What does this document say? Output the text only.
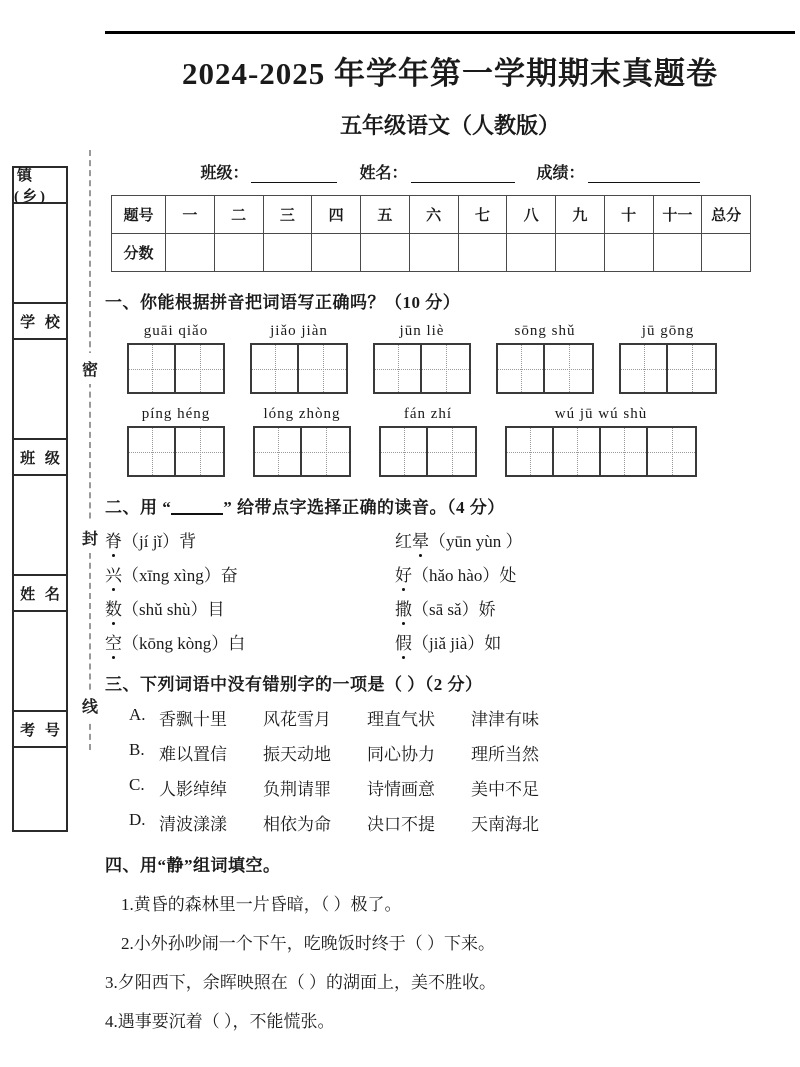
镇(乡)
学 校
班 级
姓 名
考 号
密
封
线
2024-2025 年学年第一学期期末真题卷
五年级语文（人教版）
班级：	姓名：	成绩：
题号	一	二	三	四	五	六	七	八	九	十	十一	总分
分数												
一、你能根据拼音把词语写正确吗？（10 分）
guāi qiǎo	jiǎo jiàn	jūn liè	sōng shǔ	jū gōng
píng héng	lóng zhòng	fán zhí	wú jū wú shù
二、用 “	” 给带点字选择正确的读音。（4 分）
脊（jí jǐ）背	红晕（yūn yùn ）
兴（xīng xìng）奋	好（hǎo hào）处
数（shǔ shù）目	撒（sā sǎ）娇
空（kōng kòng）白	假（jiǎ jià）如
三、下列词语中没有错别字的一项是（ ）（2 分）
A. 香飘十里	风花雪月	理直气状	津津有味
B. 难以置信	振天动地	同心协力	理所当然
C. 人影绰绰	负荆请罪	诗情画意	美中不足
D. 清波漾漾	相依为命	决口不提	天南海北
四、用“静”组词填空。
1.黄昏的森林里一片昏暗，（ ）极了。
2.小外孙吵闹一个下午，吃晚饭时终于（ ）下来。
3.夕阳西下，余晖映照在（ ）的湖面上，美不胜收。
4.遇事要沉着（ ），不能慌张。
